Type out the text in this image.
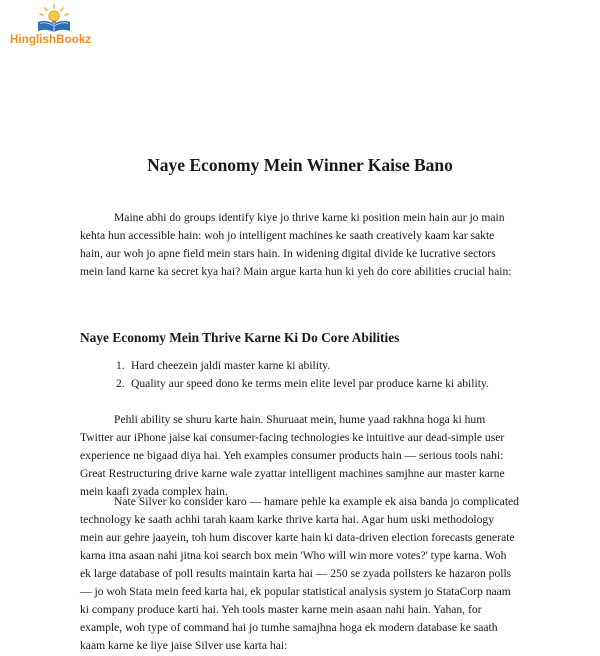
HinglishBookz
Naye Economy Mein Winner Kaise Bano

Maine abhi do groups identify kiye jo thrive karne ki position mein hain aur jo main kehta hun accessible hain: woh jo intelligent machines ke saath creatively kaam kar sakte hain, aur woh jo apne field mein stars hain. In widening digital divide ke lucrative sectors mein land karne ka secret kya hai? Main argue karta hun ki yeh do core abilities crucial hain:

Naye Economy Mein Thrive Karne Ki Do Core Abilities
1. Hard cheezein jaldi master karne ki ability.
2. Quality aur speed dono ke terms mein elite level par produce karne ki ability.

Pehli ability se shuru karte hain. Shuruaat mein, hume yaad rakhna hoga ki hum Twitter aur iPhone jaise kai consumer-facing technologies ke intuitive aur dead-simple user experience ne bigaad diya hai. Yeh examples consumer products hain — serious tools nahi: Great Restructuring drive karne wale zyattar intelligent machines samjhne aur master karne mein kaafi zyada complex hain.

Nate Silver ko consider karo — hamare pehle ka example ek aisa banda jo complicated technology ke saath achhi tarah kaam karke thrive karta hai. Agar hum uski methodology mein aur gehre jaayein, toh hum discover karte hain ki data-driven election forecasts generate karna itna asaan nahi jitna koi search box mein 'Who will win more votes?' type karna. Woh ek large database of poll results maintain karta hai — 250 se zyada pollsters ke hazaron polls — jo woh Stata mein feed karta hai, ek popular statistical analysis system jo StataCorp naam ki company produce karti hai. Yeh tools master karne mein asaan nahi hain. Yahan, for example, woh type of command hai jo tumhe samajhna hoga ek modern database ke saath kaam karne ke liye jaise Silver use karta hai:
